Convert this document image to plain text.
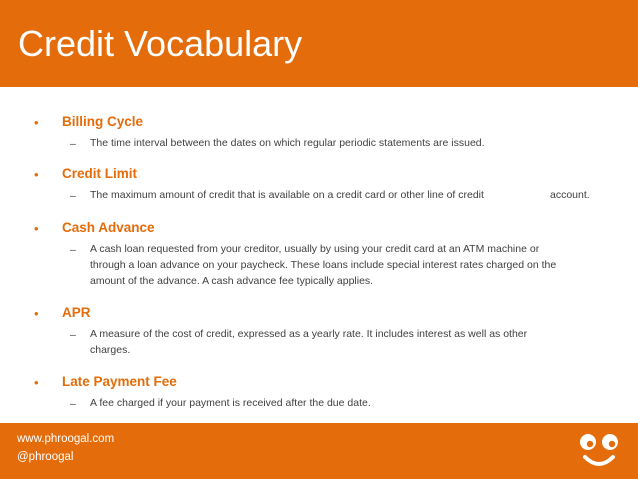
Credit Vocabulary
• Billing Cycle
– The time interval between the dates on which regular periodic statements are issued.
• Credit Limit
– The maximum amount of credit that is available on a credit card or other line of credit	account.
• Cash Advance
– A cash loan requested from your creditor, usually by using your credit card at an ATM machine or
through a loan advance on your paycheck. These loans include special interest rates charged on the
amount of the advance. A cash advance fee typically applies.
• APR
– A measure of the cost of credit, expressed as a yearly rate. It includes interest as well as other
charges.
• Late Payment Fee
– A fee charged if your payment is received after the due date.
www.phroogal.com
@phroogal
